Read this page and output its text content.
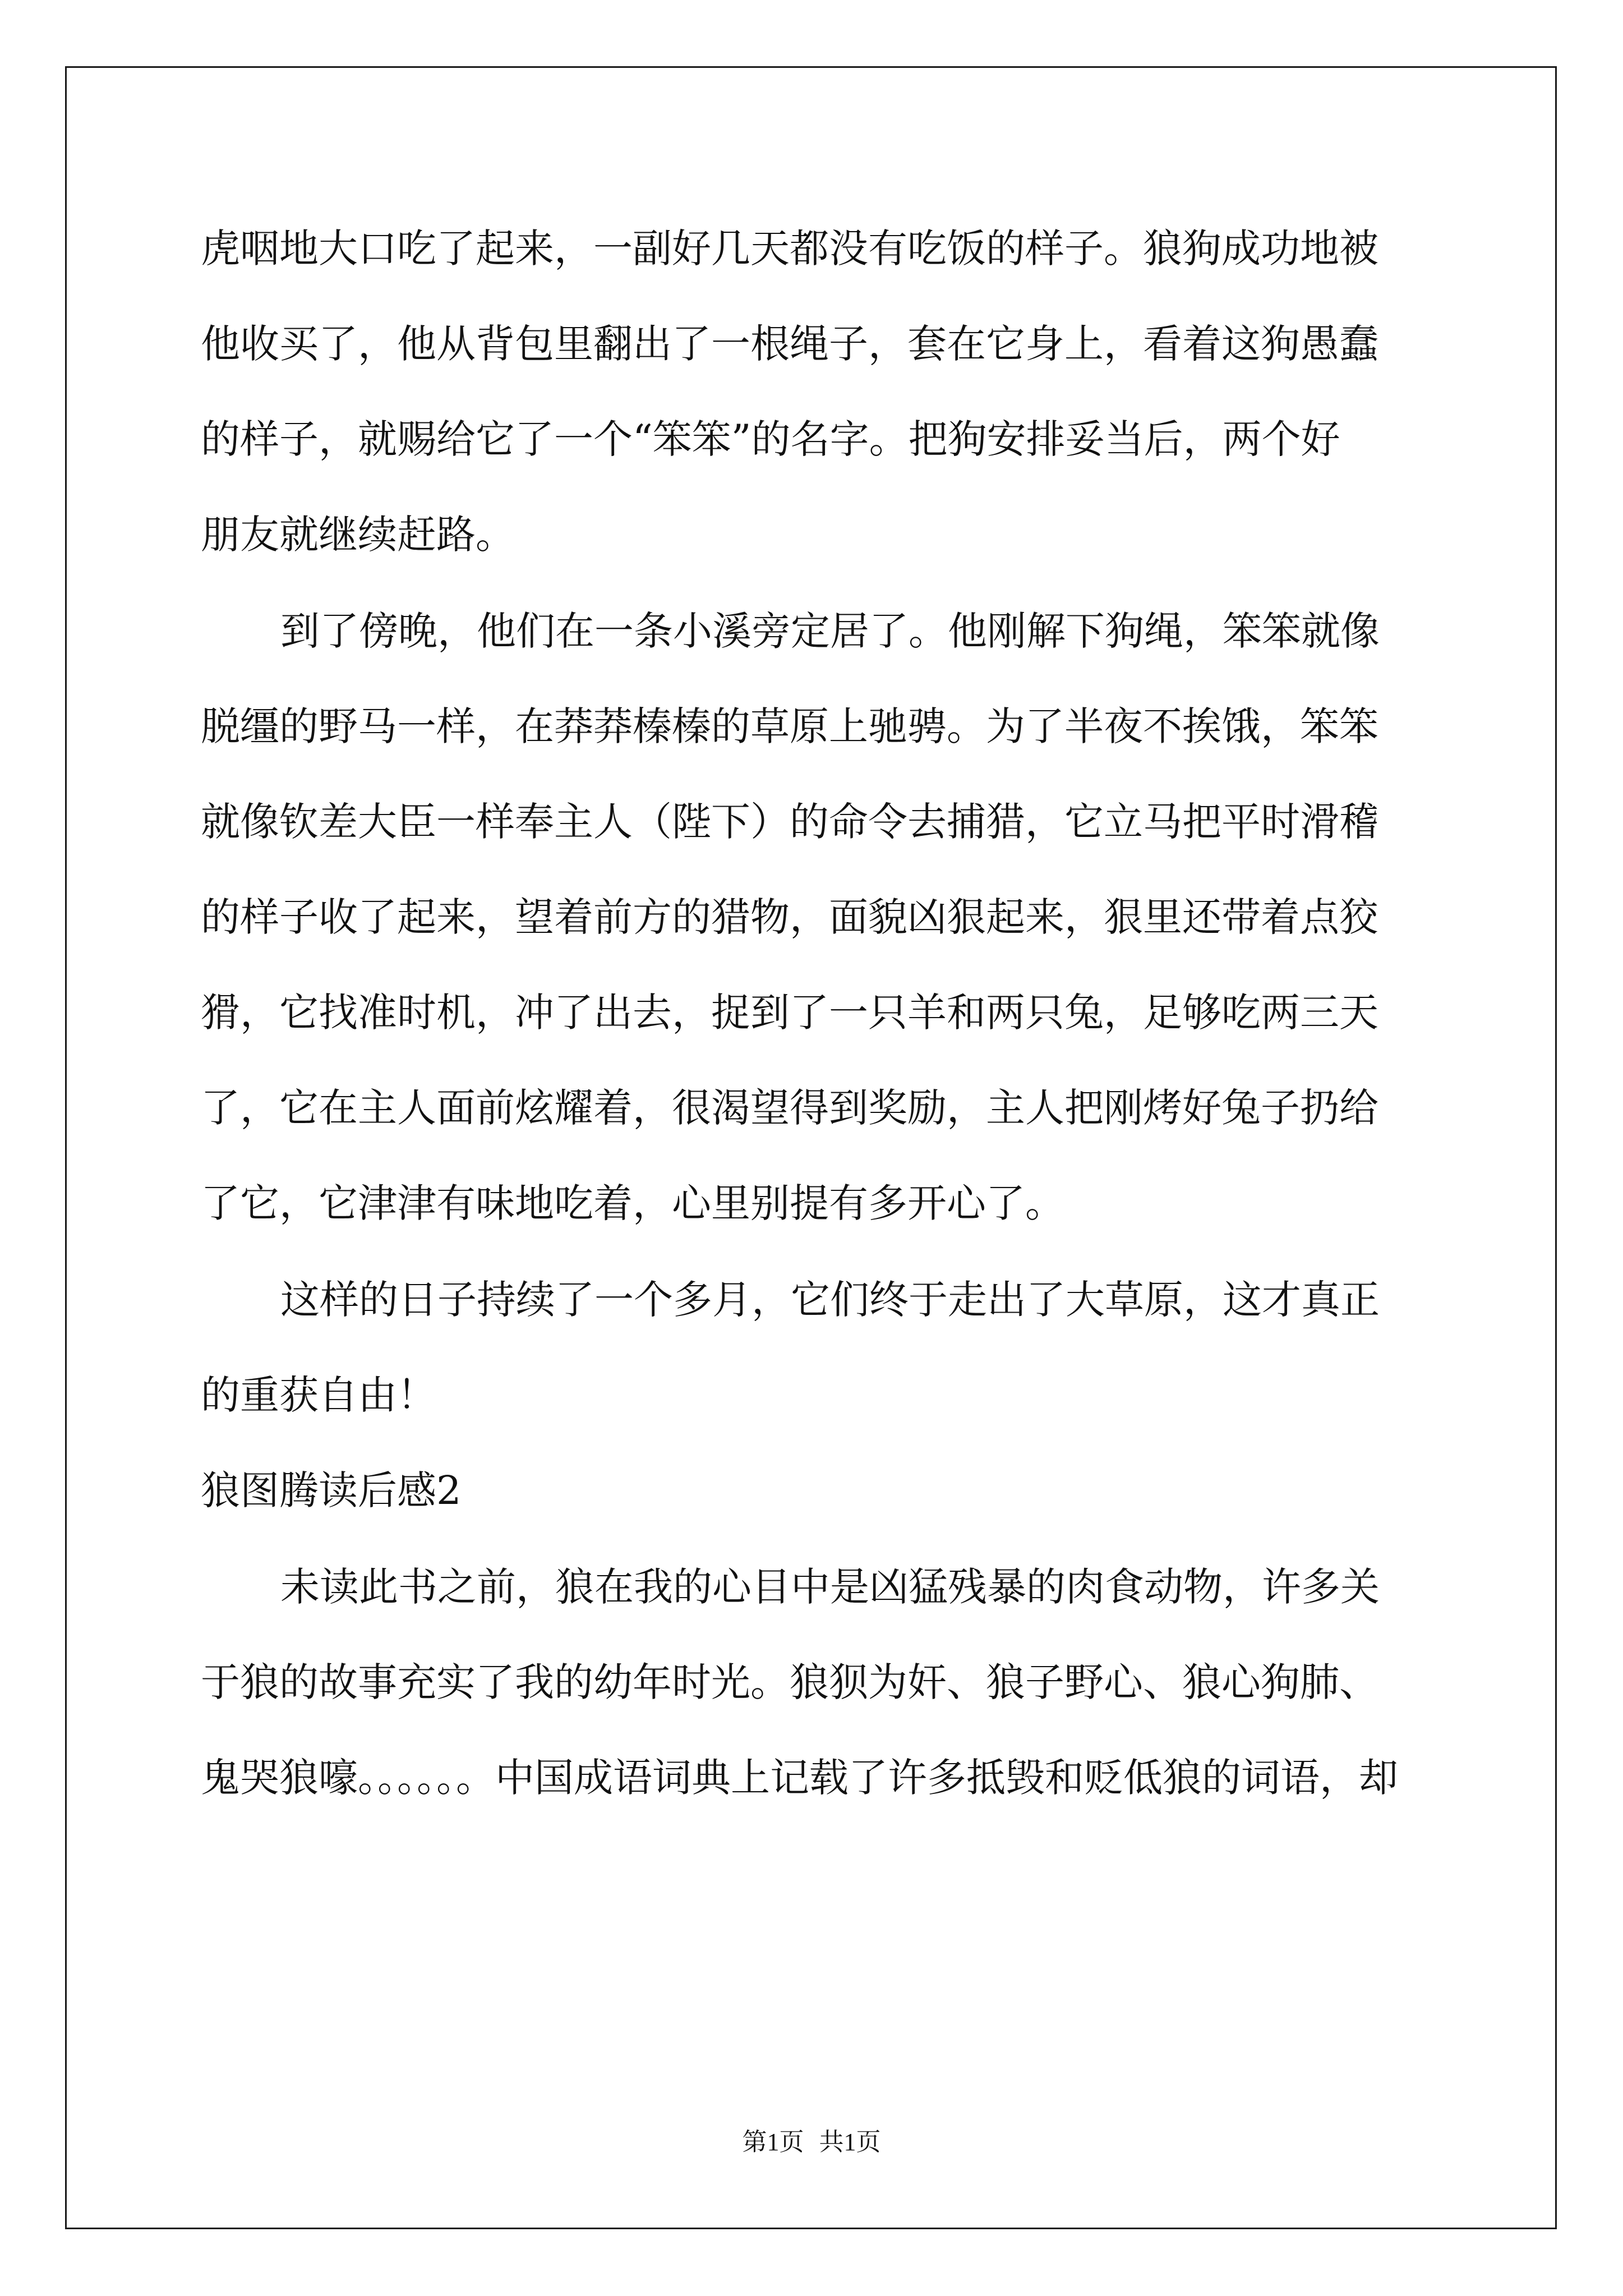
虎咽地大口吃了起来，一副好几天都没有吃饭的样子。狼狗成功地被
他收买了，他从背包里翻出了一根绳子，套在它身上，看着这狗愚蠢
的样子，就赐给它了一个“笨笨”的名字。把狗安排妥当后，两个好
朋友就继续赶路。
到了傍晚，他们在一条小溪旁定居了。他刚解下狗绳，笨笨就像
脱缰的野马一样，在莽莽榛榛的草原上驰骋。为了半夜不挨饿，笨笨
就像钦差大臣一样奉主人（陛下）的命令去捕猎，它立马把平时滑稽
的样子收了起来，望着前方的猎物，面貌凶狠起来，狠里还带着点狡
猾，它找准时机，冲了出去，捉到了一只羊和两只兔，足够吃两三天
了，它在主人面前炫耀着，很渴望得到奖励，主人把刚烤好兔子扔给
了它，它津津有味地吃着，心里别提有多开心了。
这样的日子持续了一个多月，它们终于走出了大草原，这才真正
的重获自由！
狼图腾读后感2
未读此书之前，狼在我的心目中是凶猛残暴的肉食动物，许多关
于狼的故事充实了我的幼年时光。狼狈为奸、狼子野心、狼心狗肺、
鬼哭狼嚎。。。。。。中国成语词典上记载了许多抵毁和贬低狼的词语，却
第1页 共1页
